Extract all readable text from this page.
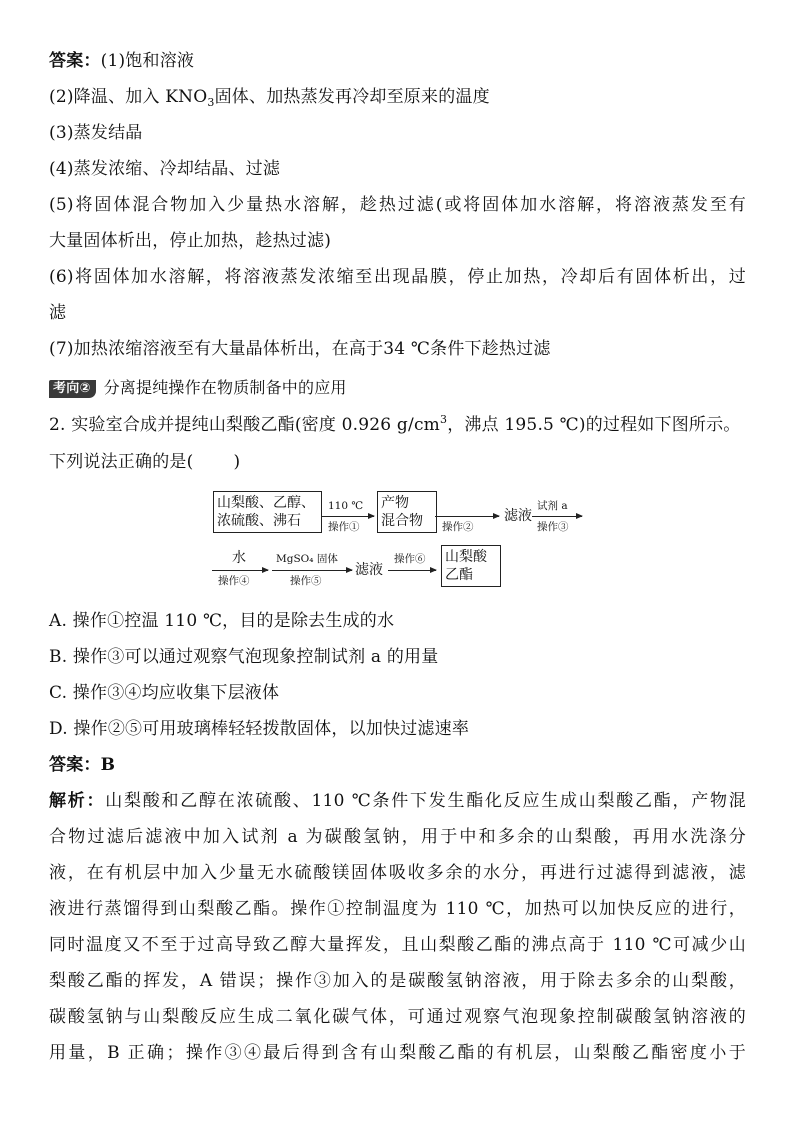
答案：(1)饱和溶液
(2)降温、加入 $KNO_3$固体、加热蒸发再冷却至原来的温度
(3)蒸发结晶
(4)蒸发浓缩、冷却结晶、过滤
(5)将固体混合物加入少量热水溶解，趁热过滤(或将固体加水溶解，将溶液蒸发至有
大量固体析出，停止加热，趁热过滤)
(6)将固体加水溶解，将溶液蒸发浓缩至出现晶膜，停止加热，冷却后有固体析出，过
滤
(7)加热浓缩溶液至有大量晶体析出，在高于34 ℃条件下趁热过滤
考向② 分离提纯操作在物质制备中的应用
2. 实验室合成并提纯山梨酸乙酯(密度 0.926 $g/cm^3$，沸点 195.5 ℃)的过程如下图所示。
下列说法正确的是( )
山梨酸、乙醇、
浓硫酸、沸石
110 ℃
操作①
产物
混合物	操作②
滤液
试剂 a
操作③
水
操作④
MgSO₄ 固体
操作⑤
滤液
操作⑥ 山梨酸
乙酯
A. 操作①控温 110 ℃，目的是除去生成的水
B. 操作③可以通过观察气泡现象控制试剂 a 的用量
C. 操作③④均应收集下层液体
D. 操作②⑤可用玻璃棒轻轻拨散固体，以加快过滤速率
答案：B
解析：山梨酸和乙醇在浓硫酸、110 ℃条件下发生酯化反应生成山梨酸乙酯，产物混
合物过滤后滤液中加入试剂 a 为碳酸氢钠，用于中和多余的山梨酸，再用水洗涤分
液，在有机层中加入少量无水硫酸镁固体吸收多余的水分，再进行过滤得到滤液，滤
液进行蒸馏得到山梨酸乙酯。操作①控制温度为 110 ℃，加热可以加快反应的进行，
同时温度又不至于过高导致乙醇大量挥发，且山梨酸乙酯的沸点高于 110 ℃可减少山
梨酸乙酯的挥发，A 错误；操作③加入的是碳酸氢钠溶液，用于除去多余的山梨酸，
碳酸氢钠与山梨酸反应生成二氧化碳气体，可通过观察气泡现象控制碳酸氢钠溶液的
用量，B 正确；操作③④最后得到含有山梨酸乙酯的有机层，山梨酸乙酯密度小于
